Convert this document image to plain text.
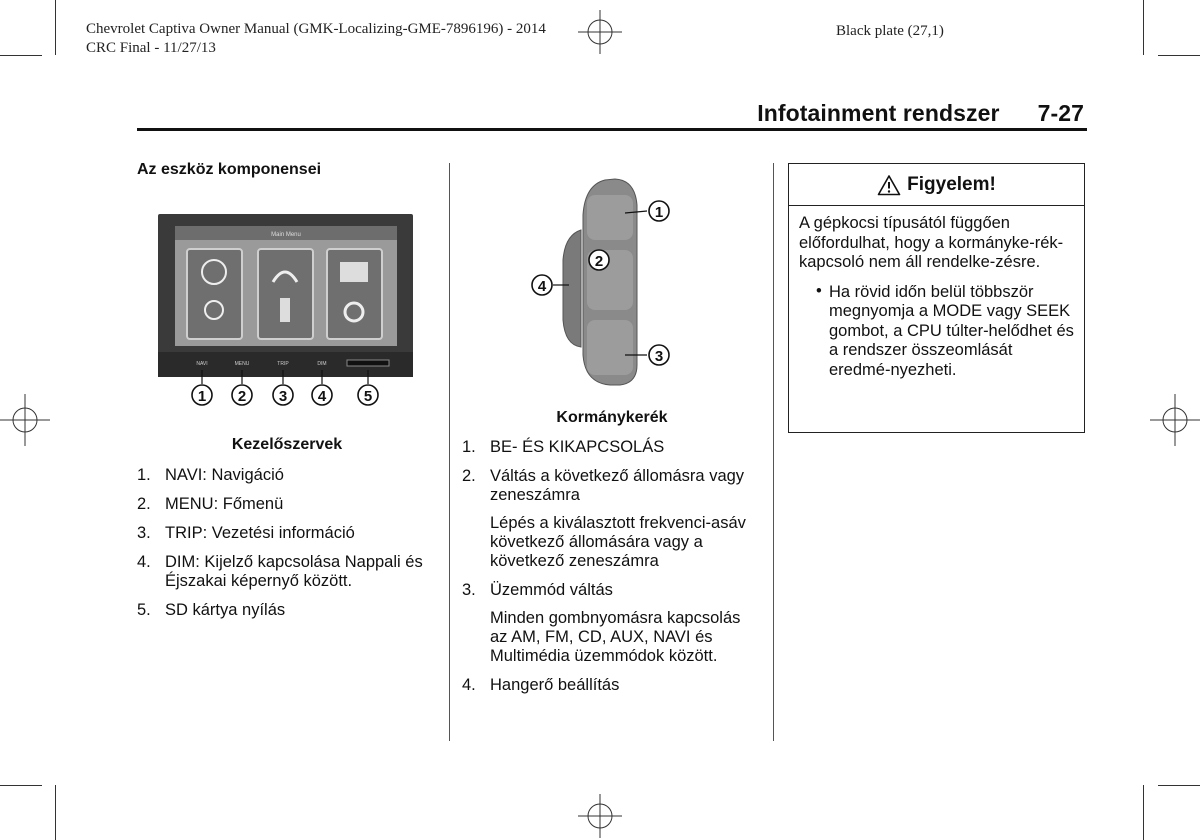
Chevrolet Captiva Owner Manual (GMK-Localizing-GME-7896196) - 2014
CRC Final - 11/27/13
Black plate (27,1)
Infotainment rendszer 7-27
Az eszköz komponensei
Main Menu
NAVI	MENU	TRIP	DIM
1 2 3 4	5
Kezelőszervek
1. NAVI: Navigáció
2. MENU: Főmenü
3. TRIP: Vezetési információ
4. DIM: Kijelző kapcsolása Nappali és Éjszakai képernyő között.
5. SD kártya nyílás
1
2
4
3
Kormánykerék
1. BE- ÉS KIKAPCSOLÁS
2. Váltás a következő állomásra vagy zeneszámra
Lépés a kiválasztott frekvenci-asáv következő állomására vagy a következő zeneszámra
3. Üzemmód váltás
Minden gombnyomásra kapcsolás az AM, FM, CD, AUX, NAVI és Multimédia üzemmódok között.
4. Hangerő beállítás
Figyelem!
A gépkocsi típusától függően előfordulhat, hogy a kormányke-rék-kapcsoló nem áll rendelke-zésre.
• Ha rövid időn belül többször megnyomja a MODE vagy SEEK gombot, a CPU túlter-helődhet és a rendszer összeomlását eredmé-nyezheti.
